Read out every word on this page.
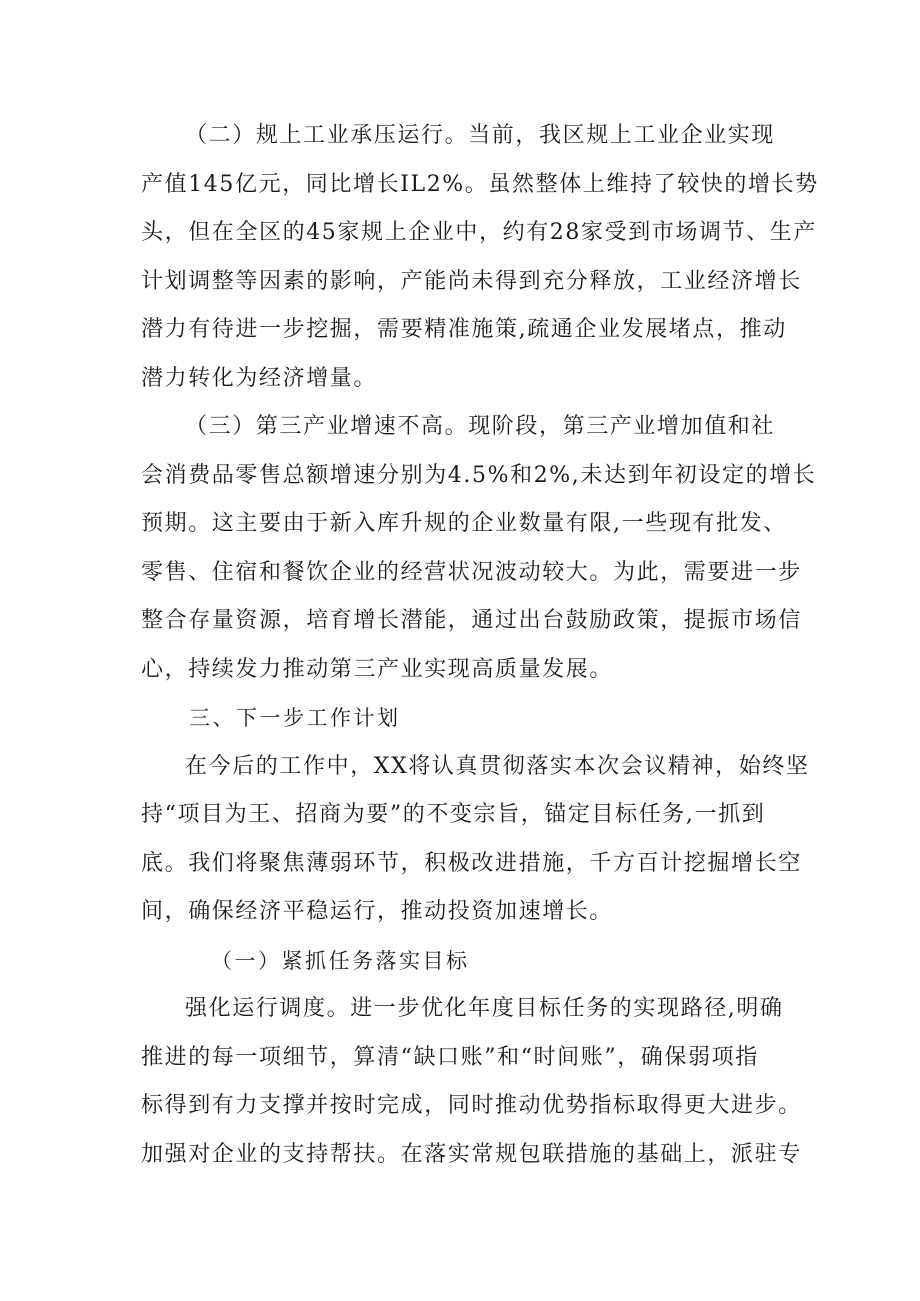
（二）规上工业承压运行。当前，我区规上工业企业实现
产值145亿元，同比增长IL2%。虽然整体上维持了较快的增长势
头，但在全区的45家规上企业中，约有28家受到市场调节、生产
计划调整等因素的影响，产能尚未得到充分释放，工业经济增长
潜力有待进一步挖掘，需要精准施策,疏通企业发展堵点，推动
潜力转化为经济增量。

（三）第三产业增速不高。现阶段，第三产业增加值和社
会消费品零售总额增速分别为4.5%和2%,未达到年初设定的增长
预期。这主要由于新入库升规的企业数量有限,一些现有批发、
零售、住宿和餐饮企业的经营状况波动较大。为此，需要进一步
整合存量资源，培育增长潜能，通过出台鼓励政策，提振市场信
心，持续发力推动第三产业实现高质量发展。

三、下一步工作计划

在今后的工作中，XX将认真贯彻落实本次会议精神，始终坚
持“项目为王、招商为要”的不变宗旨，锚定目标任务,一抓到
底。我们将聚焦薄弱环节，积极改进措施，千方百计挖掘增长空
间，确保经济平稳运行，推动投资加速增长。

（一）紧抓任务落实目标

强化运行调度。进一步优化年度目标任务的实现路径,明确
推进的每一项细节，算清“缺口账”和“时间账”，确保弱项指
标得到有力支撑并按时完成，同时推动优势指标取得更大进步。
加强对企业的支持帮扶。在落实常规包联措施的基础上，派驻专
